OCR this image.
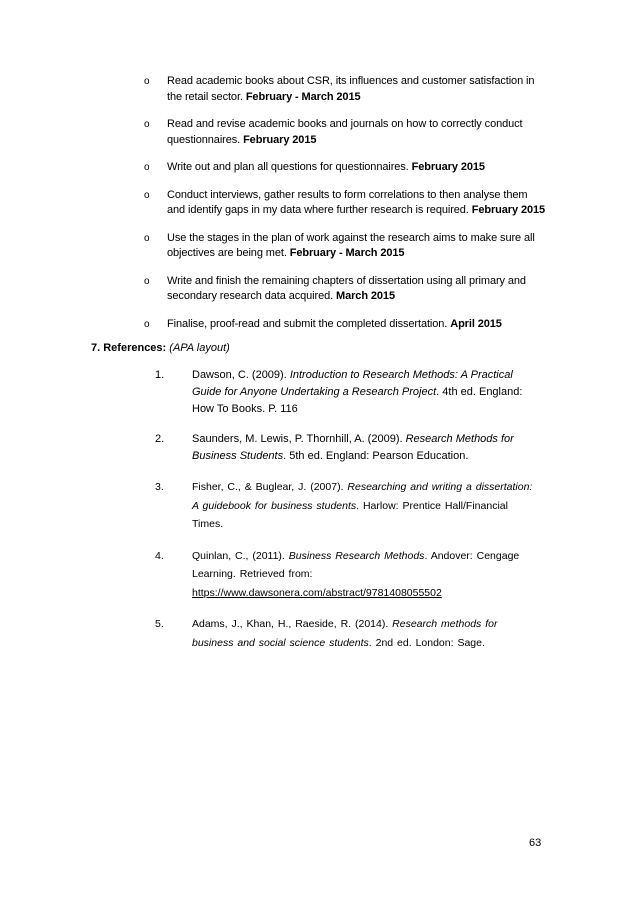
o Read academic books about CSR, its influences and customer satisfaction in the retail sector. February - March 2015
o Read and revise academic books and journals on how to correctly conduct questionnaires. February 2015
o Write out and plan all questions for questionnaires. February 2015
o Conduct interviews, gather results to form correlations to then analyse them and identify gaps in my data where further research is required. February 2015
o Use the stages in the plan of work against the research aims to make sure all objectives are being met. February - March 2015
o Write and finish the remaining chapters of dissertation using all primary and secondary research data acquired. March 2015
o Finalise, proof-read and submit the completed dissertation. April 2015
7. References: (APA layout)
1.	Dawson, C. (2009). Introduction to Research Methods: A Practical Guide for Anyone Undertaking a Research Project. 4th ed. England: How To Books. P. 116
2.	Saunders, M. Lewis, P. Thornhill, A. (2009). Research Methods for Business Students. 5th ed. England: Pearson Education.
3.	Fisher, C., & Buglear, J. (2007). Researching and writing a dissertation: A guidebook for business students. Harlow: Prentice Hall/Financial Times.
4.	Quinlan, C., (2011). Business Research Methods. Andover: Cengage Learning. Retrieved from:
https://www.dawsonera.com/abstract/9781408055502
5.	Adams, J., Khan, H., Raeside, R. (2014). Research methods for business and social science students. 2nd ed. London: Sage.
63
